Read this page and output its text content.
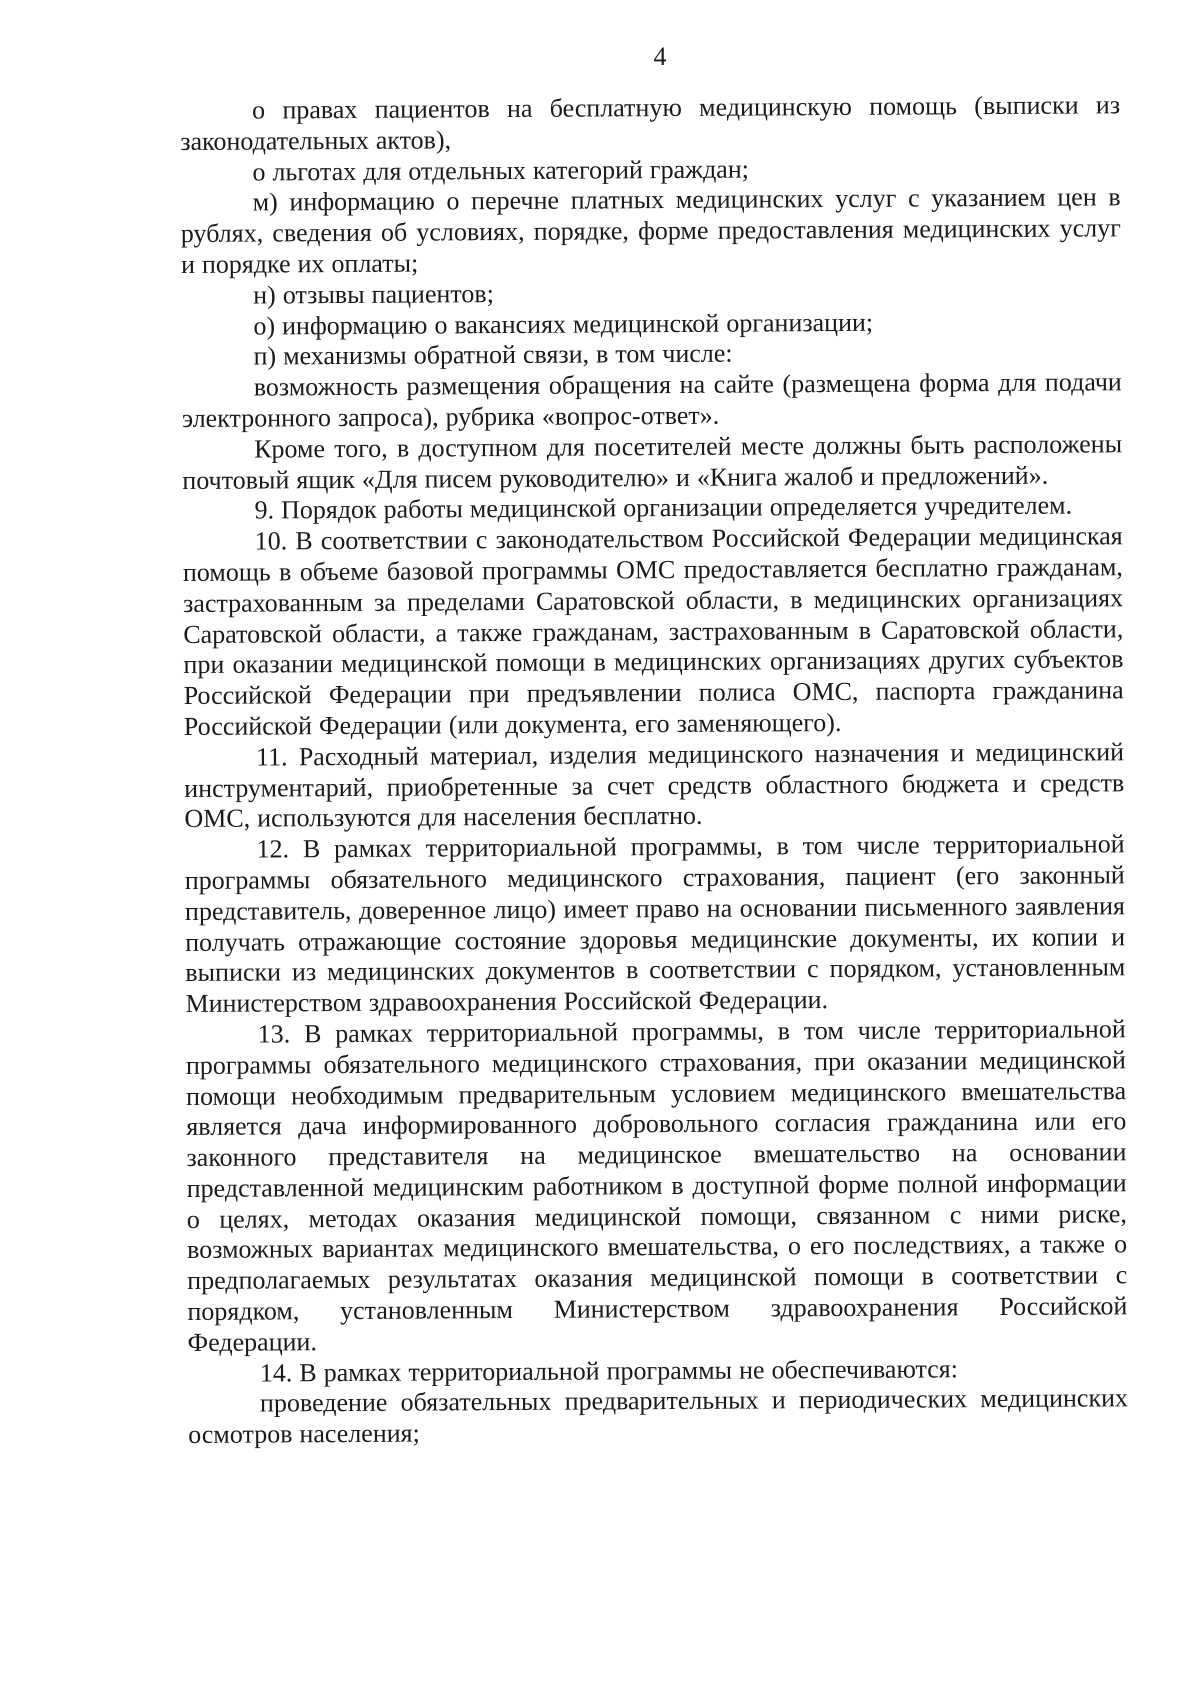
4

о правах пациентов на бесплатную медицинскую помощь (выписки из законодательных актов),

о льготах для отдельных категорий граждан;

м) информацию о перечне платных медицинских услуг с указанием цен в рублях, сведения об условиях, порядке, форме предоставления медицинских услуг и порядке их оплаты;

н) отзывы пациентов;

о) информацию о вакансиях медицинской организации;

п) механизмы обратной связи, в том числе:

возможность размещения обращения на сайте (размещена форма для подачи электронного запроса), рубрика «вопрос-ответ».

Кроме того, в доступном для посетителей месте должны быть расположены почтовый ящик «Для писем руководителю» и «Книга жалоб и предложений».

9. Порядок работы медицинской организации определяется учредителем.

10. В соответствии с законодательством Российской Федерации медицинская помощь в объеме базовой программы ОМС предоставляется бесплатно гражданам, застрахованным за пределами Саратовской области, в медицинских организациях Саратовской области, а также гражданам, застрахованным в Саратовской области, при оказании медицинской помощи в медицинских организациях других субъектов Российской Федерации при предъявлении полиса ОМС, паспорта гражданина Российской Федерации (или документа, его заменяющего).

11. Расходный материал, изделия медицинского назначения и медицинский инструментарий, приобретенные за счет средств областного бюджета и средств ОМС, используются для населения бесплатно.

12. В рамках территориальной программы, в том числе территориальной программы обязательного медицинского страхования, пациент (его законный представитель, доверенное лицо) имеет право на основании письменного заявления получать отражающие состояние здоровья медицинские документы, их копии и выписки из медицинских документов в соответствии с порядком, установленным Министерством здравоохранения Российской Федерации.

13. В рамках территориальной программы, в том числе территориальной программы обязательного медицинского страхования, при оказании медицинской помощи необходимым предварительным условием медицинского вмешательства является дача информированного добровольного согласия гражданина или его законного представителя на медицинское вмешательство на основании представленной медицинским работником в доступной форме полной информации о целях, методах оказания медицинской помощи, связанном с ними риске, возможных вариантах медицинского вмешательства, о его последствиях, а также о предполагаемых результатах оказания медицинской помощи в соответствии с порядком, установленным Министерством здравоохранения Российской Федерации.

14. В рамках территориальной программы не обеспечиваются:

проведение обязательных предварительных и периодических медицинских осмотров населения;
